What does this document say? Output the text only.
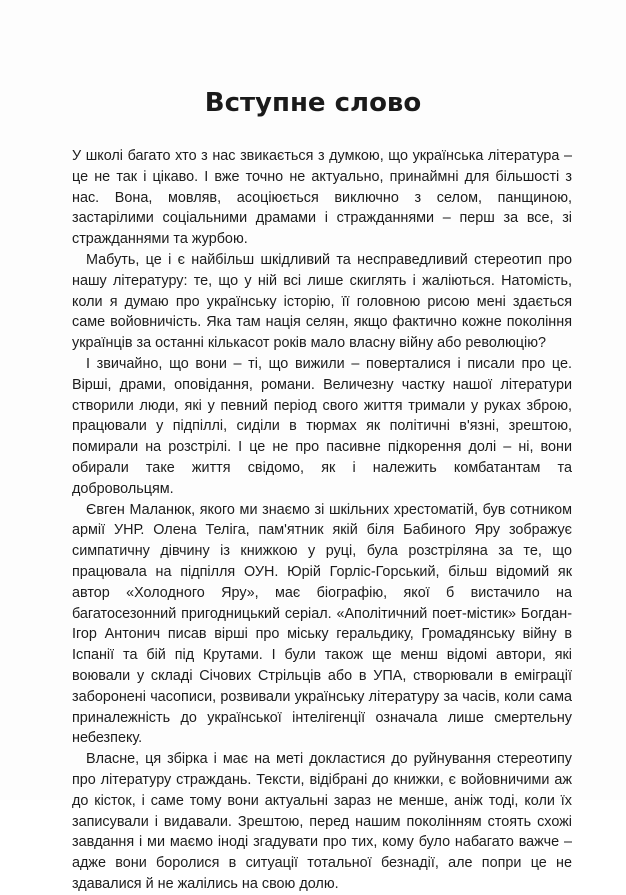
Вступне слово

У школі багато хто з нас звикається з думкою, що українська література – це не так і цікаво. І вже точно не актуально, принаймні для більшості з нас. Вона, мовляв, асоціюється виключно з селом, панщиною, застарілими соціальними драмами і стражданнями – перш за все, зі стражданнями та журбою.

Мабуть, це і є найбільш шкідливий та несправедливий стереотип про нашу літературу: те, що у ній всі лише скиглять і жаліються. Натомість, коли я думаю про українську історію, її головною рисою мені здається саме войовничість. Яка там нація селян, якщо фактично кожне покоління українців за останні кількасот років мало власну війну або революцію?

І звичайно, що вони – ті, що вижили – поверталися і писали про це. Вірші, драми, оповідання, романи. Величезну частку нашої літератури створили люди, які у певний період свого життя тримали у руках зброю, працювали у підпіллі, сиділи в тюрмах як політичні в'язні, зрештою, помирали на розстрілі. І це не про пасивне підкорення долі – ні, вони обирали таке життя свідомо, як і належить комбатантам та добровольцям.

Євген Маланюк, якого ми знаємо зі шкільних хрестоматій, був сотником армії УНР. Олена Теліга, пам'ятник якій біля Бабиного Яру зображує симпатичну дівчину із книжкою у руці, була розстріляна за те, що працювала на підпілля ОУН. Юрій Горліс-Горський, більш відомий як автор «Холодного Яру», має біографію, якої б вистачило на багатосезонний пригодницький серіал. «Аполітичний поет-містик» Богдан-Ігор Антонич писав вірші про міську геральдику, Громадянську війну в Іспанії та бій під Крутами. І були також ще менш відомі автори, які воювали у складі Січових Стрільців або в УПА, створювали в еміграції заборонені часописи, розвивали українську літературу за часів, коли сама приналежність до української інтелігенції означала лише смертельну небезпеку.

Власне, ця збірка і має на меті докластися до руйнування стереотипу про літературу страждань. Тексти, відібрані до книжки, є войовничими аж до кісток, і саме тому вони актуальні зараз не менше, аніж тоді, коли їх записували і видавали. Зрештою, перед нашим поколінням стоять схожі завдання і ми маємо іноді згадувати про тих, кому було набагато важче – адже вони боролися в ситуації тотальної безнадії, але попри це не здавалися й не жалілись на свою долю.
